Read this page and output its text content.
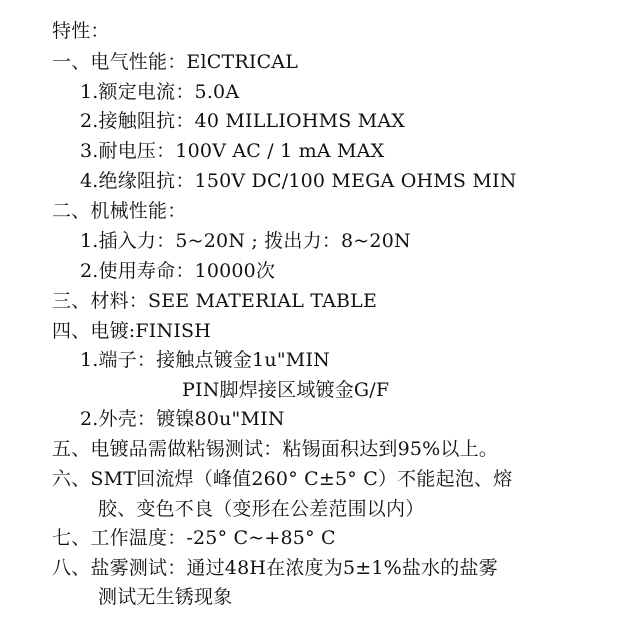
特性：
一、电气性能：ElCTRICAL
1.额定电流：5.0A
2.接触阻抗：40 MILLIOHMS MAX
3.耐电压：100V AC / 1 mA MAX
4.绝缘阻抗：150V DC/100 MEGA OHMS MIN
二、机械性能：
1.插入力：5~20N ; 拨出力：8~20N
2.使用寿命：10000次
三、材料：SEE MATERIAL TABLE
四、电镀:FINISH
1.端子：接触点镀金1u"MIN
PIN脚焊接区域镀金G/F
2.外壳：镀镍80u"MIN
五、电镀品需做粘锡测试：粘锡面积达到95%以上。
六、SMT回流焊（峰值260° C±5° C）不能起泡、熔
胶、变色不良（变形在公差范围以内）
七、工作温度：-25° C~+85° C
八、盐雾测试：通过48H在浓度为5±1%盐水的盐雾
测试无生锈现象
